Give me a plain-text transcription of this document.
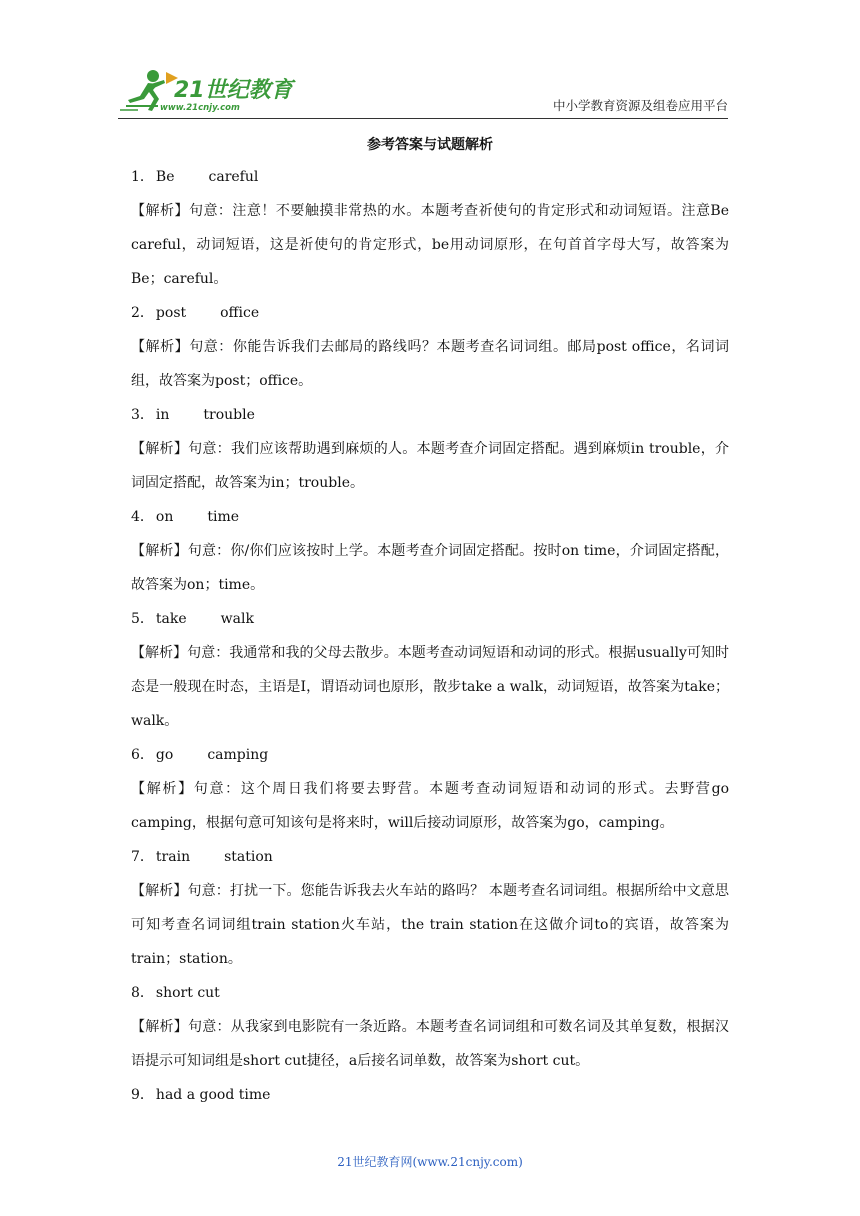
21世纪教育
www.21cnjy.com	中小学教育资源及组卷应用平台
参考答案与试题解析
1． Be careful
【解析】句意：注意！不要触摸非常热的水。本题考查祈使句的肯定形式和动词短语。注意Be careful，动词短语，这是祈使句的肯定形式，be用动词原形，在句首首字母大写，故答案为Be；careful。
2． post office
【解析】句意：你能告诉我们去邮局的路线吗？本题考查名词词组。邮局post office，名词词组，故答案为post；office。
3． in trouble
【解析】句意：我们应该帮助遇到麻烦的人。本题考查介词固定搭配。遇到麻烦in trouble，介词固定搭配，故答案为in；trouble。
4． on time
【解析】句意：你/你们应该按时上学。本题考查介词固定搭配。按时on time，介词固定搭配，故答案为on；time。
5． take walk
【解析】句意：我通常和我的父母去散步。本题考查动词短语和动词的形式。根据usually可知时态是一般现在时态，主语是I，谓语动词也原形，散步take a walk，动词短语，故答案为take；walk。
6． go camping
【解析】句意：这个周日我们将要去野营。本题考查动词短语和动词的形式。去野营go camping，根据句意可知该句是将来时，will后接动词原形，故答案为go，camping。
7． train station
【解析】句意：打扰一下。您能告诉我去火车站的路吗？ 本题考查名词词组。根据所给中文意思可知考查名词词组train station火车站，the train station在这做介词to的宾语，故答案为train；station。
8． short cut
【解析】句意：从我家到电影院有一条近路。本题考查名词词组和可数名词及其单复数，根据汉语提示可知词组是short cut捷径，a后接名词单数，故答案为short cut。
9． had a good time
21世纪教育网(www.21cnjy.com)
